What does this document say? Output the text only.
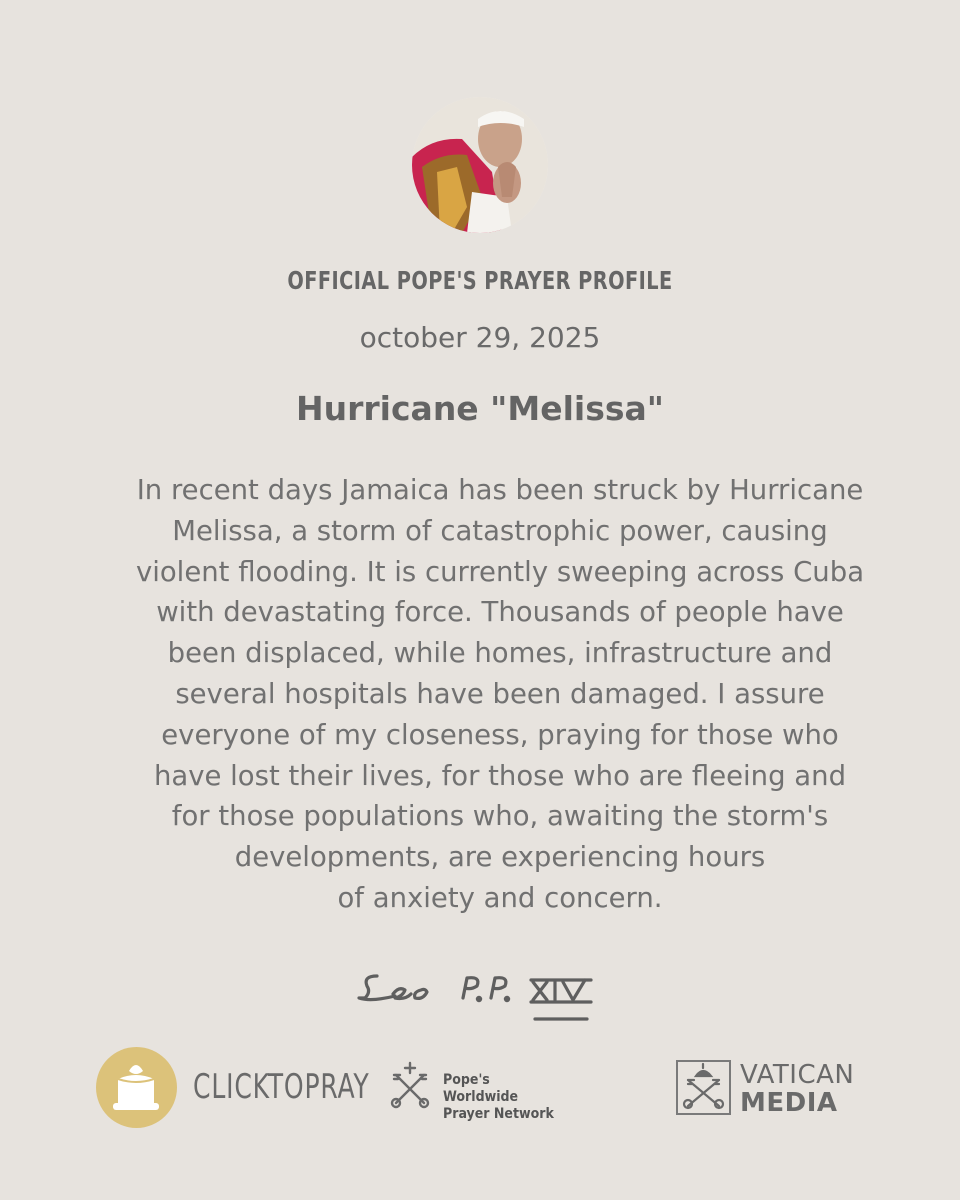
OFFICIAL POPE'S PRAYER PROFILE
october 29, 2025
Hurricane "Melissa"
In recent days Jamaica has been struck by Hurricane
Melissa, a storm of catastrophic power, causing
violent flooding. It is currently sweeping across Cuba
with devastating force. Thousands of people have
been displaced, while homes, infrastructure and
several hospitals have been damaged. I assure
everyone of my closeness, praying for those who
have lost their lives, for those who are fleeing and
for those populations who, awaiting the storm's
developments, are experiencing hours
of anxiety and concern.
CLICKTOPRAY	Pope's Worldwide
Prayer Network
VATICAN
MEDIA
